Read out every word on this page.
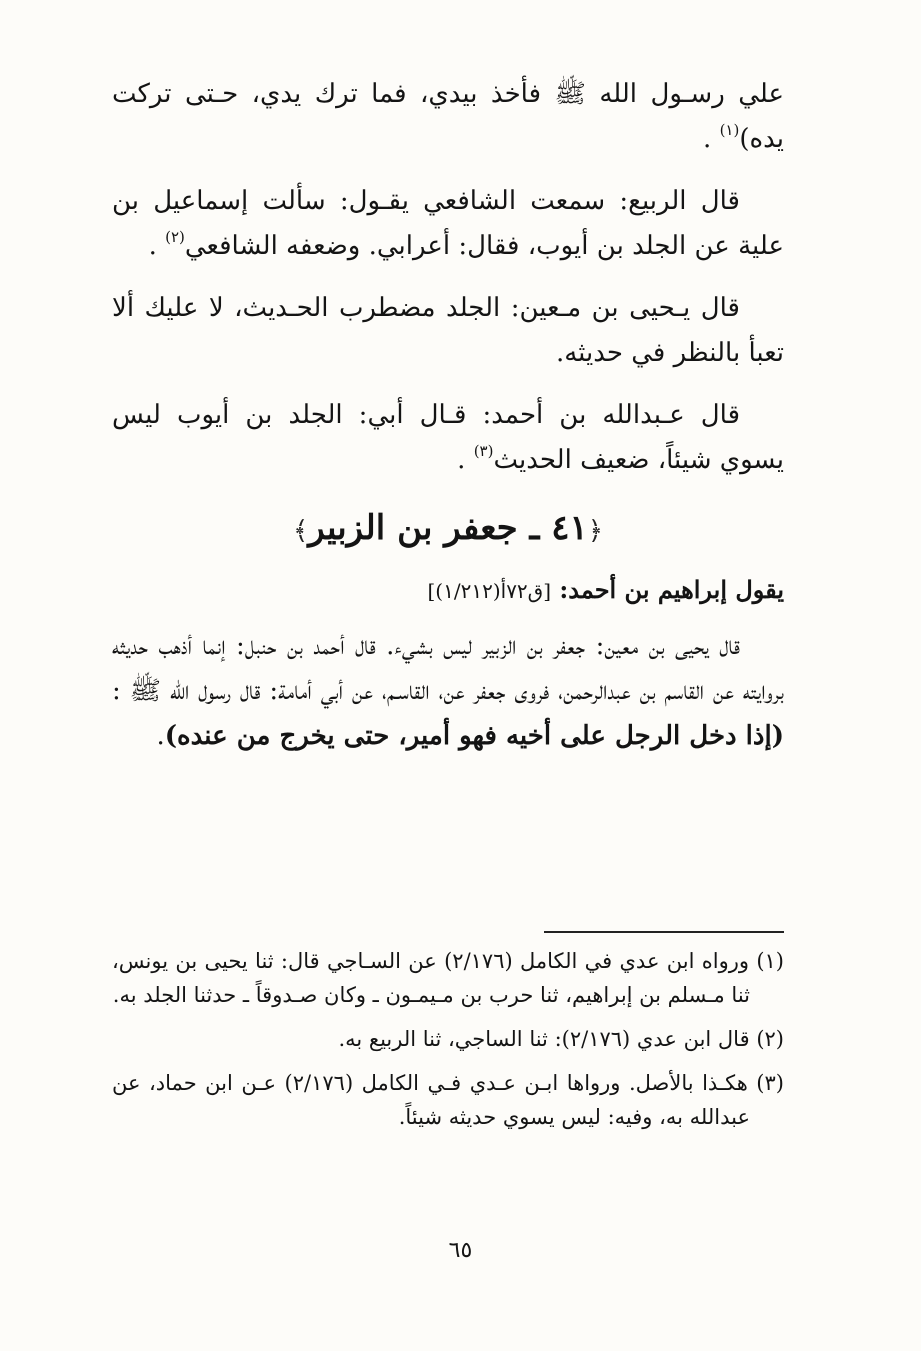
علي رسـول الله ﷺ فأخذ بيدي، فما ترك يدي، حـتى تركت يده)$^{(١)}$ .

قال الربيع: سمعت الشافعي يقـول: سألت إسماعيل بن علية عن الجلد بن أيوب، فقال: أعرابي. وضعفه الشافعي$^{(٢)}$ .

قال يـحيى بن مـعين: الجلد مضطرب الحـديث، لا عليك ألا تعبأ بالنظر في حديثه.

قال عـبدالله بن أحمد: قـال أبي: الجلد بن أيوب ليس يسوي شيئاً، ضعيف الحديث$^{(٣)}$ .

﴿٤١ ـ جعفر بن الزبير﴾
يقول إبراهيم بن أحمد: [ق٧٢أ(١/٢١٢)]

قال يحيى بن معين: جعفر بن الزبير ليس بشيء. قال أحمد بن حنبل: إنما أذهب حديثه بروايته عن القاسم بن عبدالرحمن، فروى جعفر عن، القاسـم، عن أبي أمامة: قال رسول الله ﷺ : (إذا دخل الرجل على أخيه فهو أمير، حتى يخرج من عنده).

(١) ورواه ابن عدي في الكامل (٢/١٧٦) عن السـاجي قال: ثنا يحيى بن يونس، ثنا مـسلم بن إبراهيم، ثنا حرب بن مـيمـون ـ وكان صـدوقاً ـ حدثنا الجلد به.

(٢) قال ابن عدي (٢/١٧٦): ثنا الساجي، ثنا الربيع به.

(٣) هكـذا بالأصل. ورواها ابـن عـدي فـي الكامل (٢/١٧٦) عـن ابن حماد، عن عبدالله به، وفيه: ليس يسوي حديثه شيئاً.

٦٥
